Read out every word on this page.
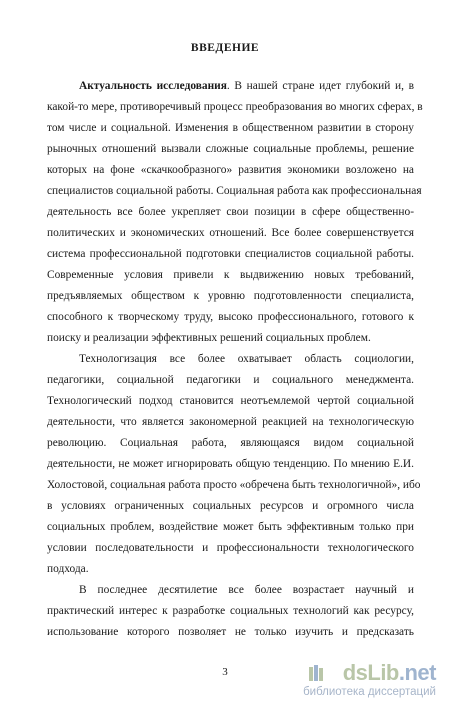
ВВЕДЕНИЕ
Актуальность исследования. В нашей стране идет глубокий и, в
какой-то мере, противоречивый процесс преобразования во многих сферах, в
том числе и социальной. Изменения в общественном развитии в сторону
рыночных отношений вызвали сложные социальные проблемы, решение
которых на фоне «скачкообразного» развития экономики возложено на
специалистов социальной работы. Социальная работа как профессиональная
деятельность все более укрепляет свои позиции в сфере общественно-
политических и экономических отношений. Все более совершенствуется
система профессиональной подготовки специалистов социальной работы.
Современные условия привели к выдвижению новых требований,
предъявляемых обществом к уровню подготовленности специалиста,
способного к творческому труду, высоко профессионального, готового к
поиску и реализации эффективных решений социальных проблем.
Технологизация все более охватывает область социологии,
педагогики, социальной педагогики и социального менеджмента.
Технологический подход становится неотъемлемой чертой социальной
деятельности, что является закономерной реакцией на технологическую
революцию. Социальная работа, являющаяся видом социальной
деятельности, не может игнорировать общую тенденцию. По мнению Е.И.
Холостовой, социальная работа просто «обречена быть технологичной», ибо
в условиях ограниченных социальных ресурсов и огромного числа
социальных проблем, воздействие может быть эффективным только при
условии последовательности и профессиональности технологического
подхода.
В последнее десятилетие все более возрастает научный и
практический интерес к разработке социальных технологий как ресурсу,
использование которого позволяет не только изучить и предсказать
3	dsLib.net
библиотека диссертаций
